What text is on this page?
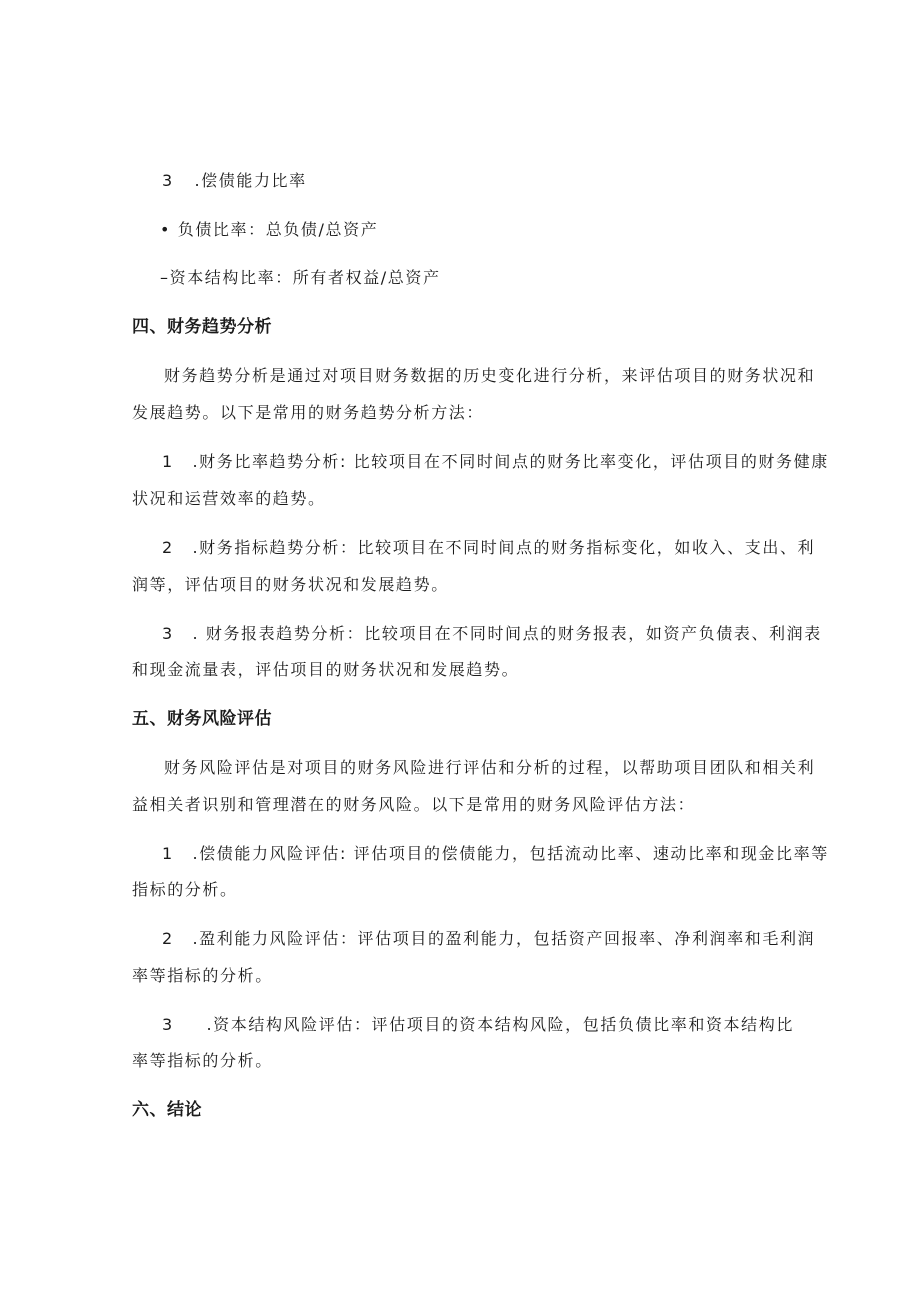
3 .偿债能力比率
• 负债比率：总负债/总资产
–资本结构比率：所有者权益/总资产
四、财务趋势分析
财务趋势分析是通过对项目财务数据的历史变化进行分析，来评估项目的财务状况和
发展趋势。以下是常用的财务趋势分析方法：
1 .财务比率趋势分析: 比较项目在不同时间点的财务比率变化，评估项目的财务健康
状况和运营效率的趋势。
2 .财务指标趋势分析：比较项目在不同时间点的财务指标变化，如收入、支出、利
润等，评估项目的财务状况和发展趋势。
3 . 财务报表趋势分析：比较项目在不同时间点的财务报表，如资产负债表、利润表
和现金流量表，评估项目的财务状况和发展趋势。
五、财务风险评估
财务风险评估是对项目的财务风险进行评估和分析的过程，以帮助项目团队和相关利
益相关者识别和管理潜在的财务风险。以下是常用的财务风险评估方法：
1 .偿债能力风险评估: 评估项目的偿债能力，包括流动比率、速动比率和现金比率等
指标的分析。
2 .盈利能力风险评估：评估项目的盈利能力，包括资产回报率、净利润率和毛利润
率等指标的分析。
3 .资本结构风险评估：评估项目的资本结构风险，包括负债比率和资本结构比
率等指标的分析。
六、结论
